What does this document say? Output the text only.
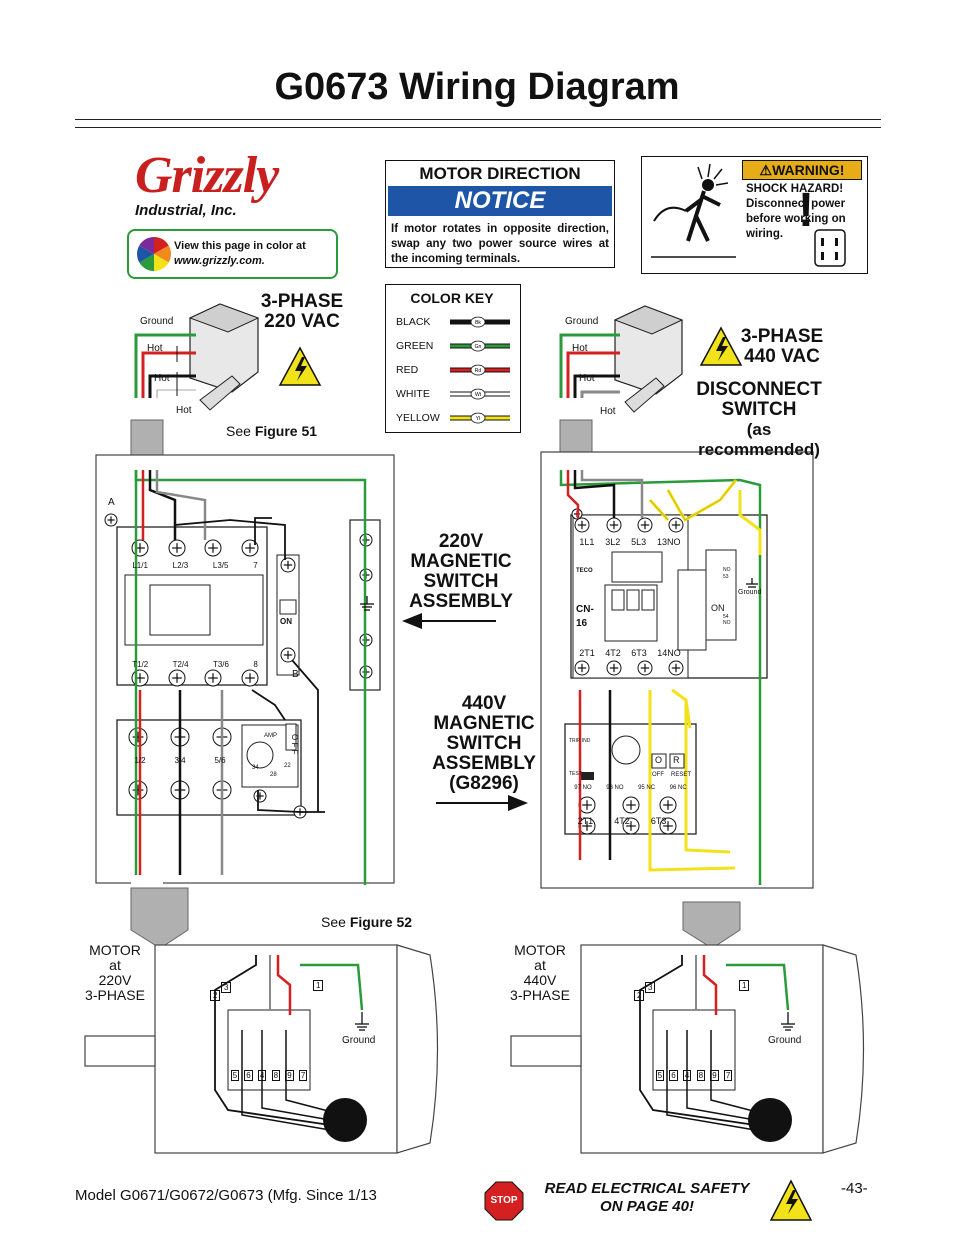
G0673 Wiring Diagram
Grizzly
Industrial, Inc.
View this page in color at
www.grizzly.com.
MOTOR DIRECTION
NOTICE
If motor rotates in opposite direction, swap any two power source wires at the incoming terminals.
⚠WARNING!
SHOCK HAZARD! Disconnect power before working on wiring. !
COLOR KEY
BLACK
GREEN
RED
WHITE
YELLOW
Bk
Gn
Rd
Wt
Yl
3-PHASE
220 VAC
Ground
Hot
Hot
Hot
See Figure 51
A
B
L1/1	L2/3	L3/5	7
T1/2	T2/4	T3/6	8
ON
1/2	3/4	5/6
AMP
34	22
28
O F F
220V
MAGNETIC
SWITCH
ASSEMBLY
440V
MAGNETIC
SWITCH
ASSEMBLY
(G8296)
3-PHASE
440 VAC
DISCONNECT
SWITCH
(as recommended)
Ground
Hot
Hot
Hot
TECO
CN-
16
1L1 3L2 5L3 13NO
2T1 4T2 6T3 14NO
ON
NO
53
54
NO
Ground
TRIP IND
TEST
O R
OFF RESET
97 NO 98 NO 95 NC 96 NC
2T1 4T2 6T3
See Figure 52
MOTOR
at
220V
3-PHASE
MOTOR
at
440V
3-PHASE
Ground	Ground
5 6 4 8 9 7	5 6 4 8 9 7
3
2
1	3
2
1
Model G0671/G0672/G0673 (Mfg. Since 1/13	STOP
READ ELECTRICAL SAFETY
ON PAGE 40!
-43-
